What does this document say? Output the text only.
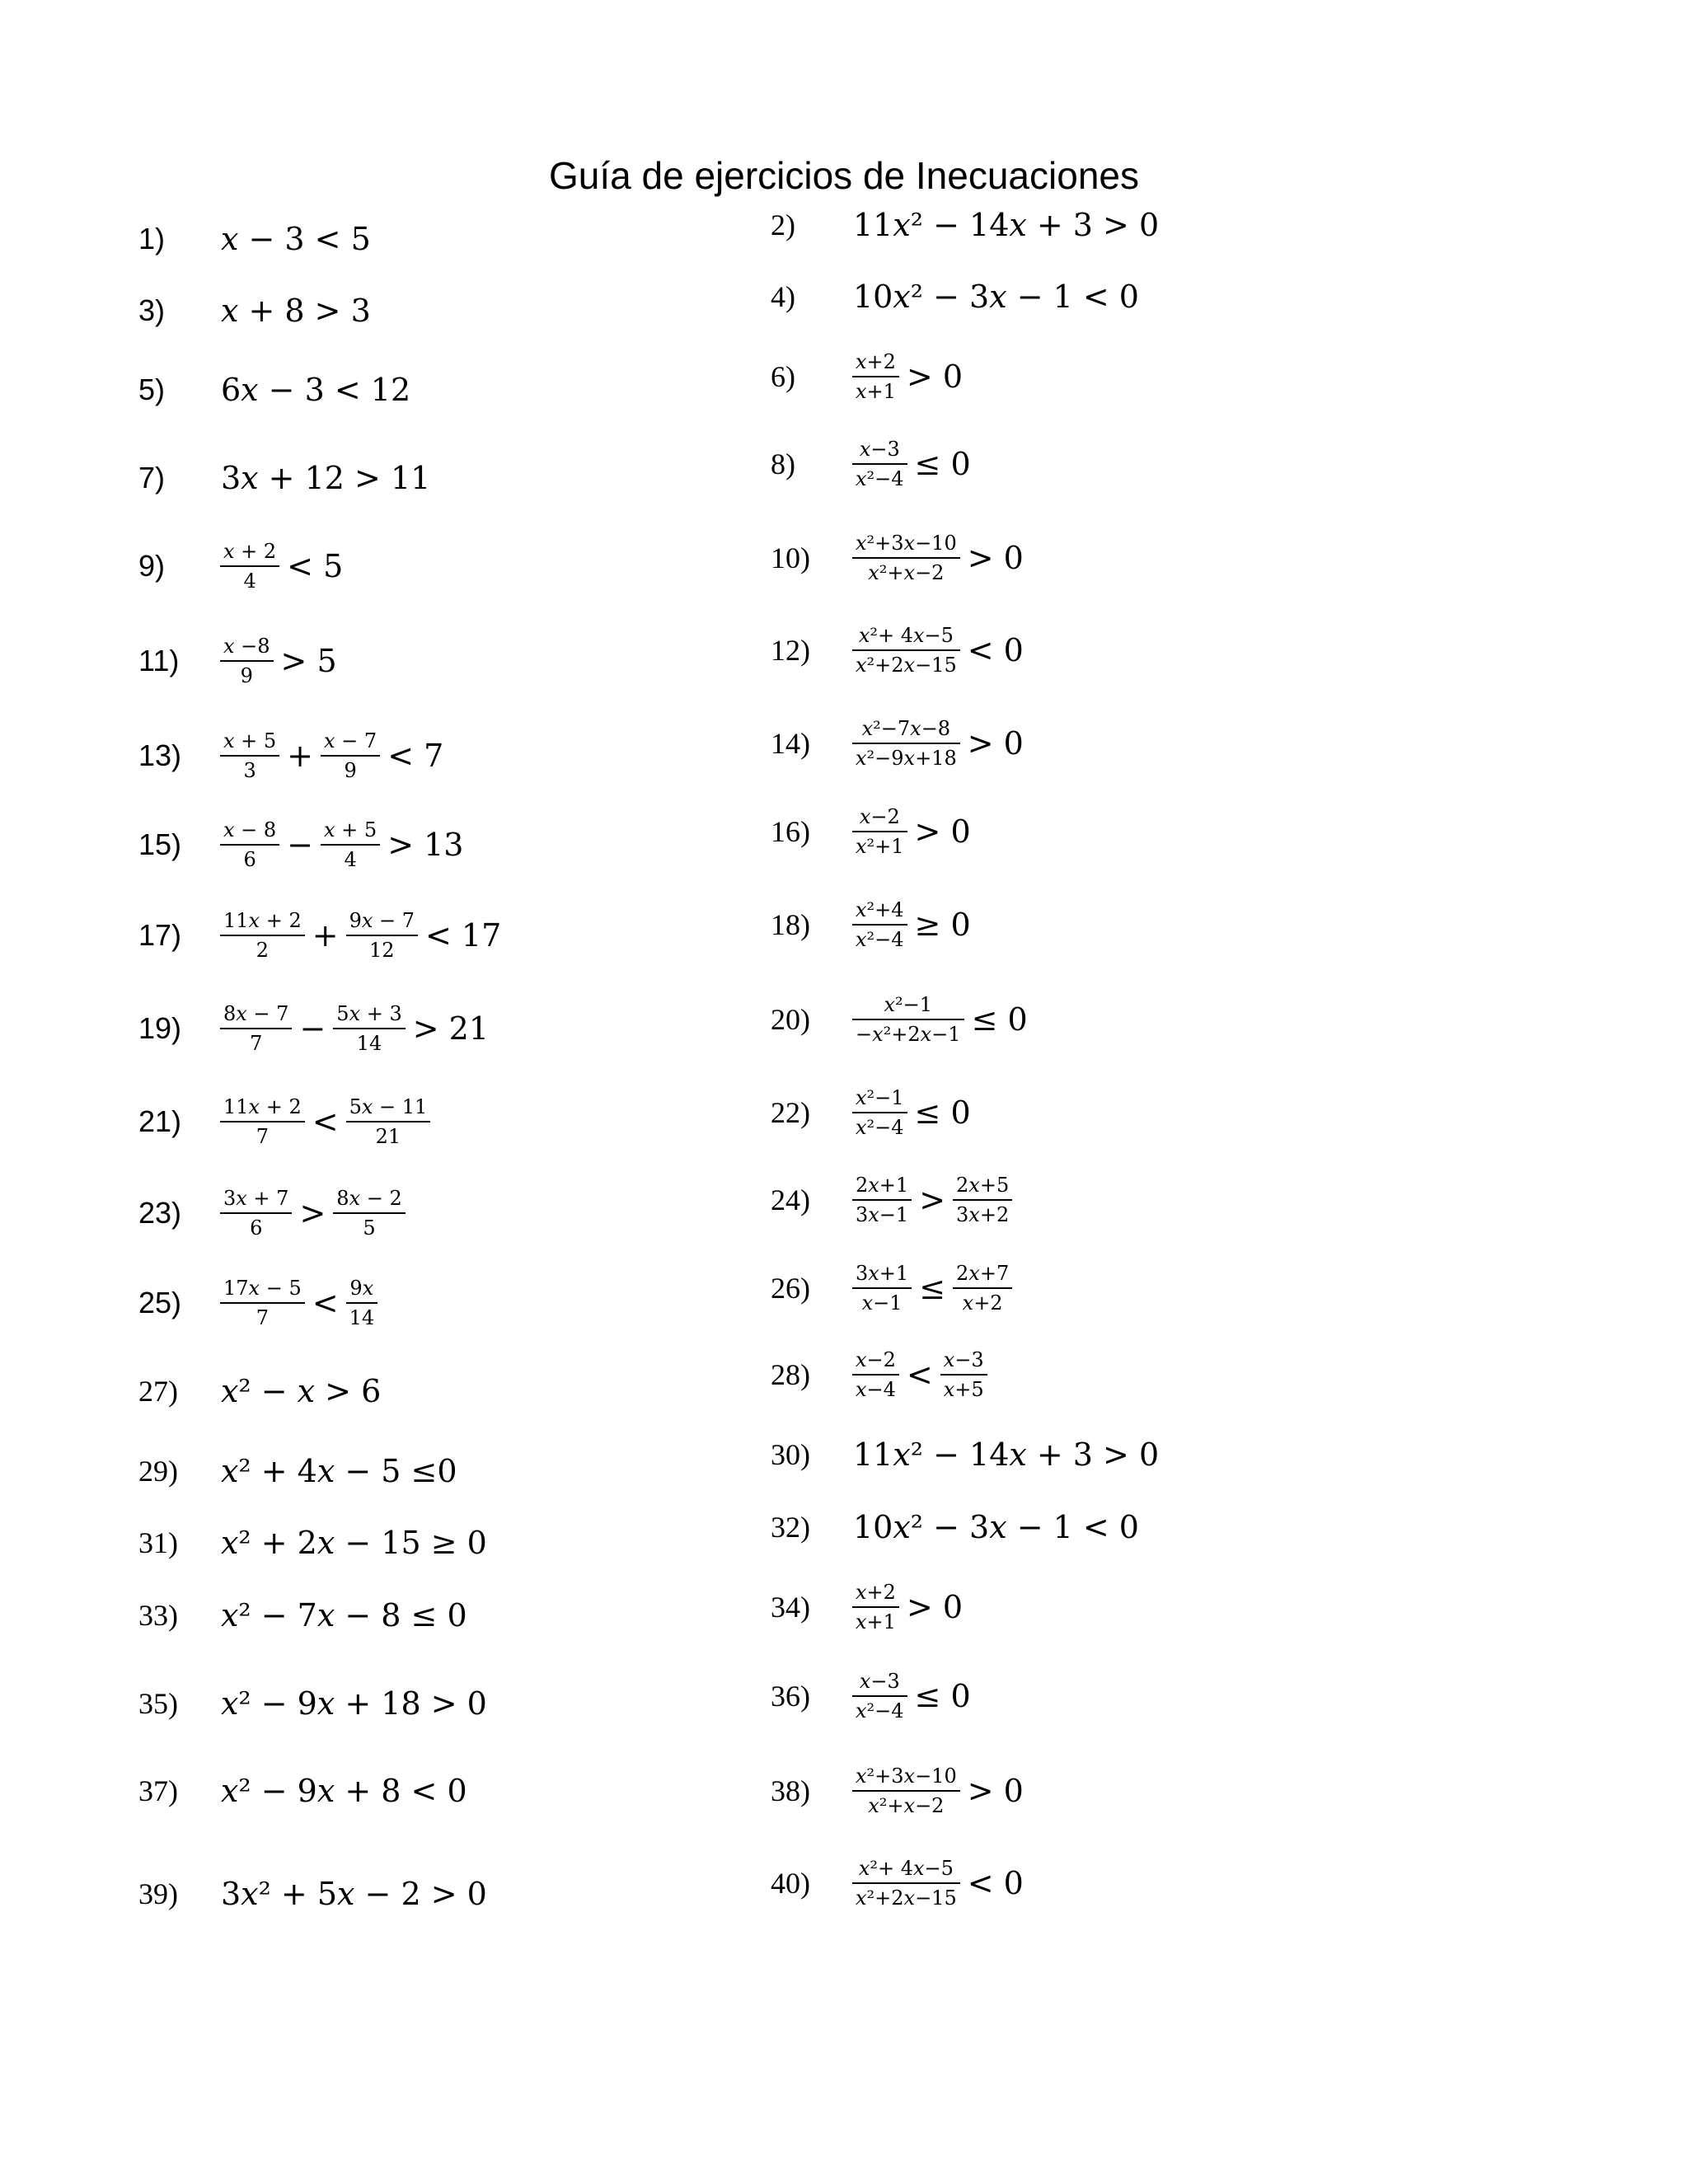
Guía de ejercicios de Inecuaciones
1)	𝑥 − 3 < 5	2)	11𝑥² − 14𝑥 + 3 > 0
3)	𝑥 + 8 > 3	4)	10𝑥² − 3𝑥 − 1 < 0
5)	6𝑥 − 3 < 12	6)	$\frac{\text{𝑥+2}}{\text{𝑥+1}} > 0$
7)	3𝑥 + 12 > 11	8)	$\frac{\text{𝑥−3}}{\text{𝑥²−4}} \le 0$
9)	$\frac{\text{𝑥 + 2}}{4} < 5$	10)	$\frac{\text{𝑥²+3𝑥−10}}{\text{𝑥²+𝑥−2}} > 0$
11)	$\frac{\text{𝑥 −8}}{9} > 5$	12)	$\frac{\text{𝑥²+ 4𝑥−5}}{\text{𝑥²+2𝑥−15}} < 0$
13)	$\frac{\text{𝑥 + 5}}{3} + \frac{\text{𝑥 − 7}}{9} < 7$	14)	$\frac{\text{𝑥²−7𝑥−8}}{\text{𝑥²−9𝑥+18}} > 0$
15)	$\frac{\text{𝑥 − 8}}{6} - \frac{\text{𝑥 + 5}}{4} > 13$	16)	$\frac{\text{𝑥−2}}{\text{𝑥²+1}} > 0$
17)	$\frac{\text{11𝑥 + 2}}{2} + \frac{\text{9𝑥 − 7}}{12} < 17$	18)	$\frac{\text{𝑥²+4}}{\text{𝑥²−4}} \ge 0$
19)	$\frac{\text{8𝑥 − 7}}{7} - \frac{\text{5𝑥 + 3}}{14} > 21$	20)	$\frac{\text{𝑥²−1}}{\text{−𝑥²+2𝑥−1}} \le 0$
21)	$\frac{\text{11𝑥 + 2}}{7} < \frac{\text{5𝑥 − 11}}{21}$	22)	$\frac{\text{𝑥²−1}}{\text{𝑥²−4}} \le 0$
23)	$\frac{\text{3𝑥 + 7}}{6} > \frac{\text{8𝑥 − 2}}{5}$	24)	$\frac{\text{2𝑥+1}}{\text{3𝑥−1}} > \frac{\text{2𝑥+5}}{\text{3𝑥+2}}$
25)	$\frac{\text{17𝑥 − 5}}{7} < \frac{\text{9𝑥}}{14}$	26)	$\frac{\text{3𝑥+1}}{\text{𝑥−1}} \le \frac{\text{2𝑥+7}}{\text{𝑥+2}}$
27)	𝑥² − 𝑥 > 6	28)	$\frac{\text{𝑥−2}}{\text{𝑥−4}} < \frac{\text{𝑥−3}}{\text{𝑥+5}}$
29)	𝑥² + 4𝑥 − 5 ≤0	30)	11𝑥² − 14𝑥 + 3 > 0
31)	𝑥² + 2𝑥 − 15 ≥ 0	32)	10𝑥² − 3𝑥 − 1 < 0
33)	𝑥² − 7𝑥 − 8 ≤ 0	34)	$\frac{\text{𝑥+2}}{\text{𝑥+1}} > 0$
35)	𝑥² − 9𝑥 + 18 > 0	36)	$\frac{\text{𝑥−3}}{\text{𝑥²−4}} \le 0$
37)	𝑥² − 9𝑥 + 8 < 0	38)	$\frac{\text{𝑥²+3𝑥−10}}{\text{𝑥²+𝑥−2}} > 0$
39)	3𝑥² + 5𝑥 − 2 > 0	40)	$\frac{\text{𝑥²+ 4𝑥−5}}{\text{𝑥²+2𝑥−15}} < 0$
